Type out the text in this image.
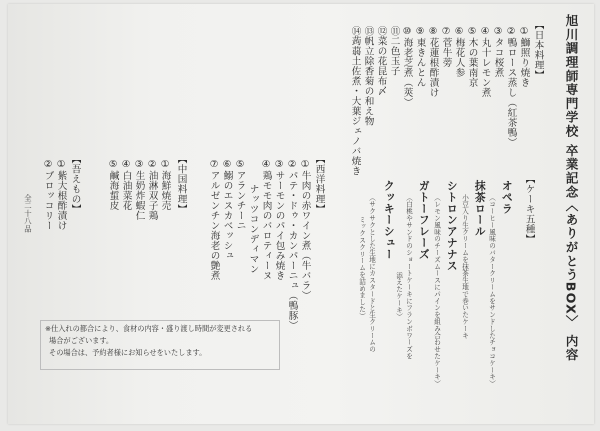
旭川調理師専門学校 卒業記念〈ありがとうBOX〉 内容
【日本料理】
①鰤照り焼き
②鴨ロース蒸し（紅茶鴨）
③タコ桜煮
④丸十レモン煮
⑤木の葉南京
⑥梅花人参
⑦菅牛蒡
⑧花蓮根酢漬け
⑨東きんとん
⑩海老芝煮（莢）
⑪二色玉子
⑫菜の花昆布〆
⑬帆立除香菊の和え物
⑭蒟蒻土佐煮・大葉ジェノバ焼き
【西洋料理】
①牛肉の赤ワイン煮（牛バラ）
②パテ・ドゥ・カンパーニュ（鴨豚）
③サーモンのパイ包み焼き
④鶏モモ肉のバロティーヌ
ナッツコンディマン
⑤アランチーニ
⑥鰯のエスカベッシュ
⑦アルゼンチン海老の艶煮
【中国料理】
①海鮮焼売
②油淋双子鶏
③生奶炸蝦仁
④白油菜花
⑤鹹海蜇皮
【吾えもの】
①紫大根酢漬け
②ブロッコリー
全二十八品	【ケーキ五種】
オペラ
（コーヒー風味のバタークリームをサンドしたチョコケーキ）
抹茶ロール
小豆入り生クリームを抹茶生地で巻いたケーキ
シトロンアナナス
（レモン風味のチーズムースにパインを組み合わせたケーキ）
ガトーフレーズ
（白桃やサンドのショートケーキにフランボワーズを
添えたケーキ）
クッキーシュー
（サクサクとした生地にカスタードと生クリームの
ミックスクリームを詰めました）
※仕入れの都合により、食材の内容・盛り渡し時間が変更される
場合がございます。
その場合は、予約者様にお知らせをいたします。
